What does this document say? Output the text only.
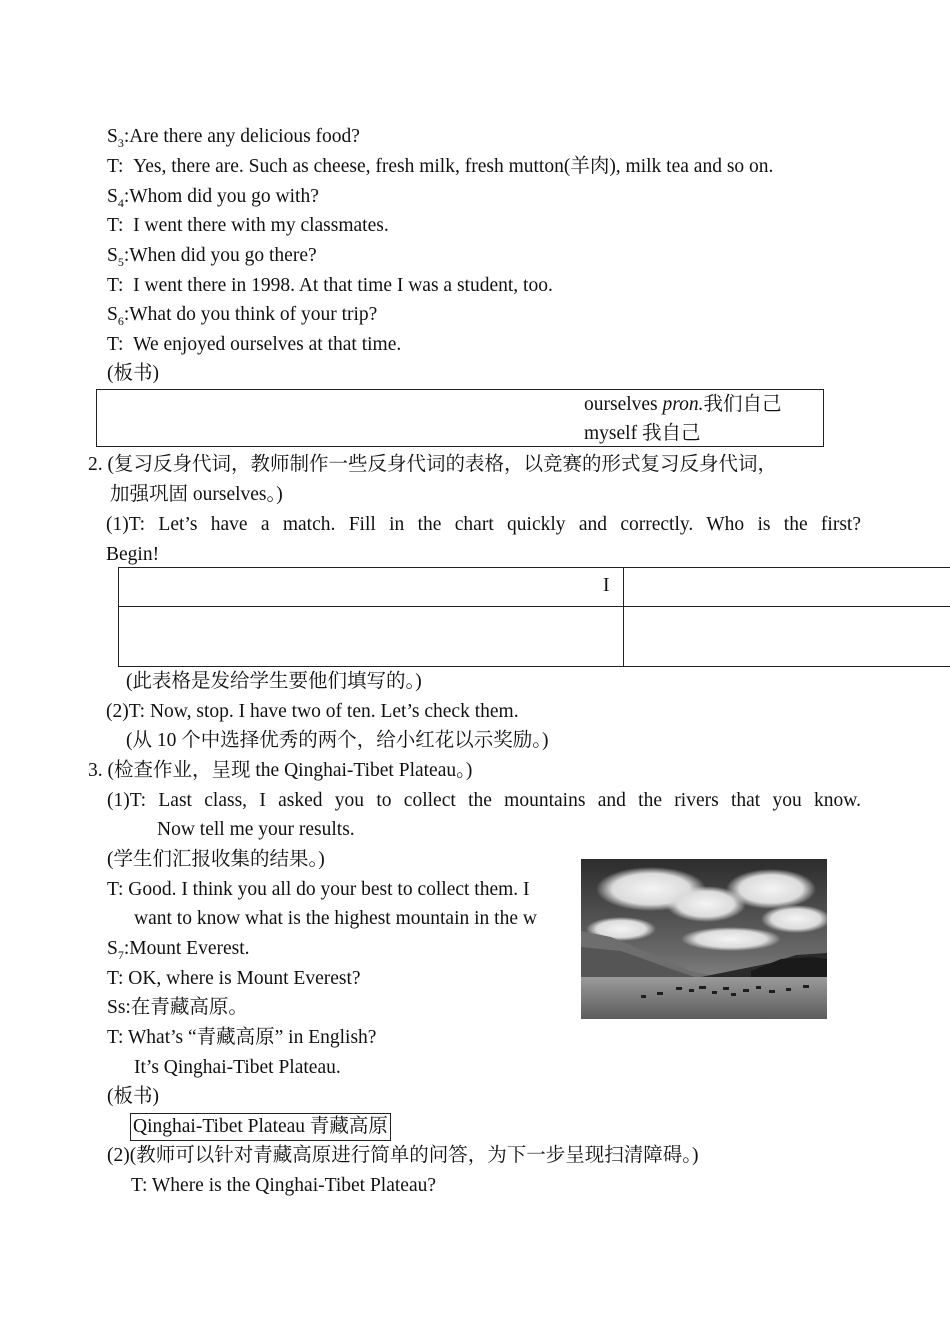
$S_3:Are$ there any delicious food?
T: Yes, there are. Such as cheese, fresh milk, fresh mutton(羊肉), milk tea and so on.
$S_4:Whom$ did you go with?
T: I went there with my classmates.
$S_5:When$ did you go there?
T: I went there in 1998. At that time I was a student, too.
$S_6:What$ do you think of your trip?
T: We enjoyed ourselves at that time.
(板书)
ourselves pron.我们自己
myself 我自己
2. (复习反身代词，教师制作一些反身代词的表格，以竞赛的形式复习反身代词，
加强巩固 ourselves。)
(1)T: Let’s have a match. Fill in the chart quickly and correctly. Who is the first?
Begin!
I
(此表格是发给学生要他们填写的。)
(2)T: Now, stop. I have two of ten. Let’s check them.
(从 10 个中选择优秀的两个，给小红花以示奖励。)
3. (检查作业，呈现 the Qinghai-Tibet Plateau。)
(1)T: Last class, I asked you to collect the mountains and the rivers that you know.
Now tell me your results.
(学生们汇报收集的结果。)
T: Good. I think you all do your best to collect them. I
want to know what is the highest mountain in the w
$S_7:Mount$ Everest.
T: OK, where is Mount Everest?
Ss:在青藏高原。
T: What’s “青藏高原” in English?
It’s Qinghai-Tibet Plateau.
(板书)
Qinghai-Tibet Plateau 青藏高原
(2)(教师可以针对青藏高原进行简单的问答，为下一步呈现扫清障碍。)
T: Where is the Qinghai-Tibet Plateau?
